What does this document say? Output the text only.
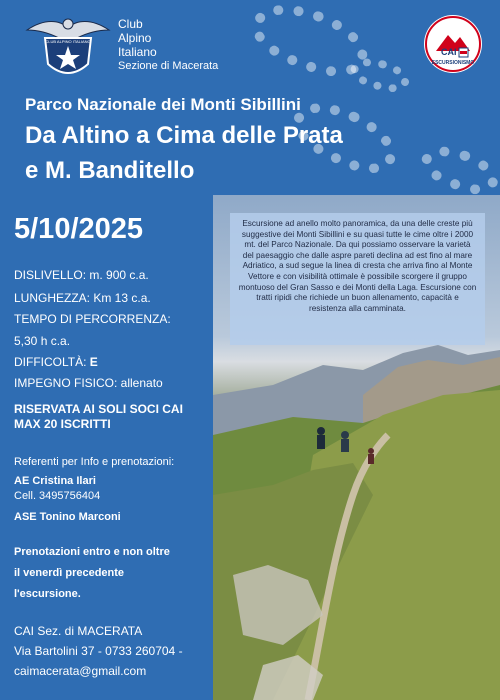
CLUB ALPINO ITALIANO
Club
Alpino
Italiano
Sezione di Macerata
CAI
ESCURSIONISMO
Parco Nazionale dei Monti Sibillini
Da Altino a Cima delle Prata
e M. Banditello
5/10/2025
DISLIVELLO: m. 900 c.a.
LUNGHEZZA: Km 13 c.a.
TEMPO DI PERCORRENZA:
5,30 h c.a.
DIFFICOLTÀ: E
IMPEGNO FISICO: allenato
RISERVATA AI SOLI SOCI CAI
MAX 20 ISCRITTI
Referenti per Info e prenotazioni:
AE Cristina Ilari
Cell. 3495756404
ASE Tonino Marconi
Prenotazioni entro e non oltre
il venerdì precedente
l'escursione.
CAI Sez. di MACERATA
Via Bartolini 37 - 0733 260704 -
caimacerata@gmail.com

Escursione ad anello molto panoramica, da una delle creste più suggestive dei Monti Sibillini e su quasi tutte le cime oltre i 2000 mt. del Parco Nazionale. Da qui possiamo osservare la varietà del paesaggio che dalle aspre pareti declina ad est fino al mare Adriatico, a sud segue la linea di cresta che arriva fino al Monte Vettore e con visibilità ottimale è possibile scorgere il gruppo montuoso del Gran Sasso e dei Monti della Laga. Escursione con tratti ripidi che richiede un buon allenamento, capacità e resistenza alla camminata.
